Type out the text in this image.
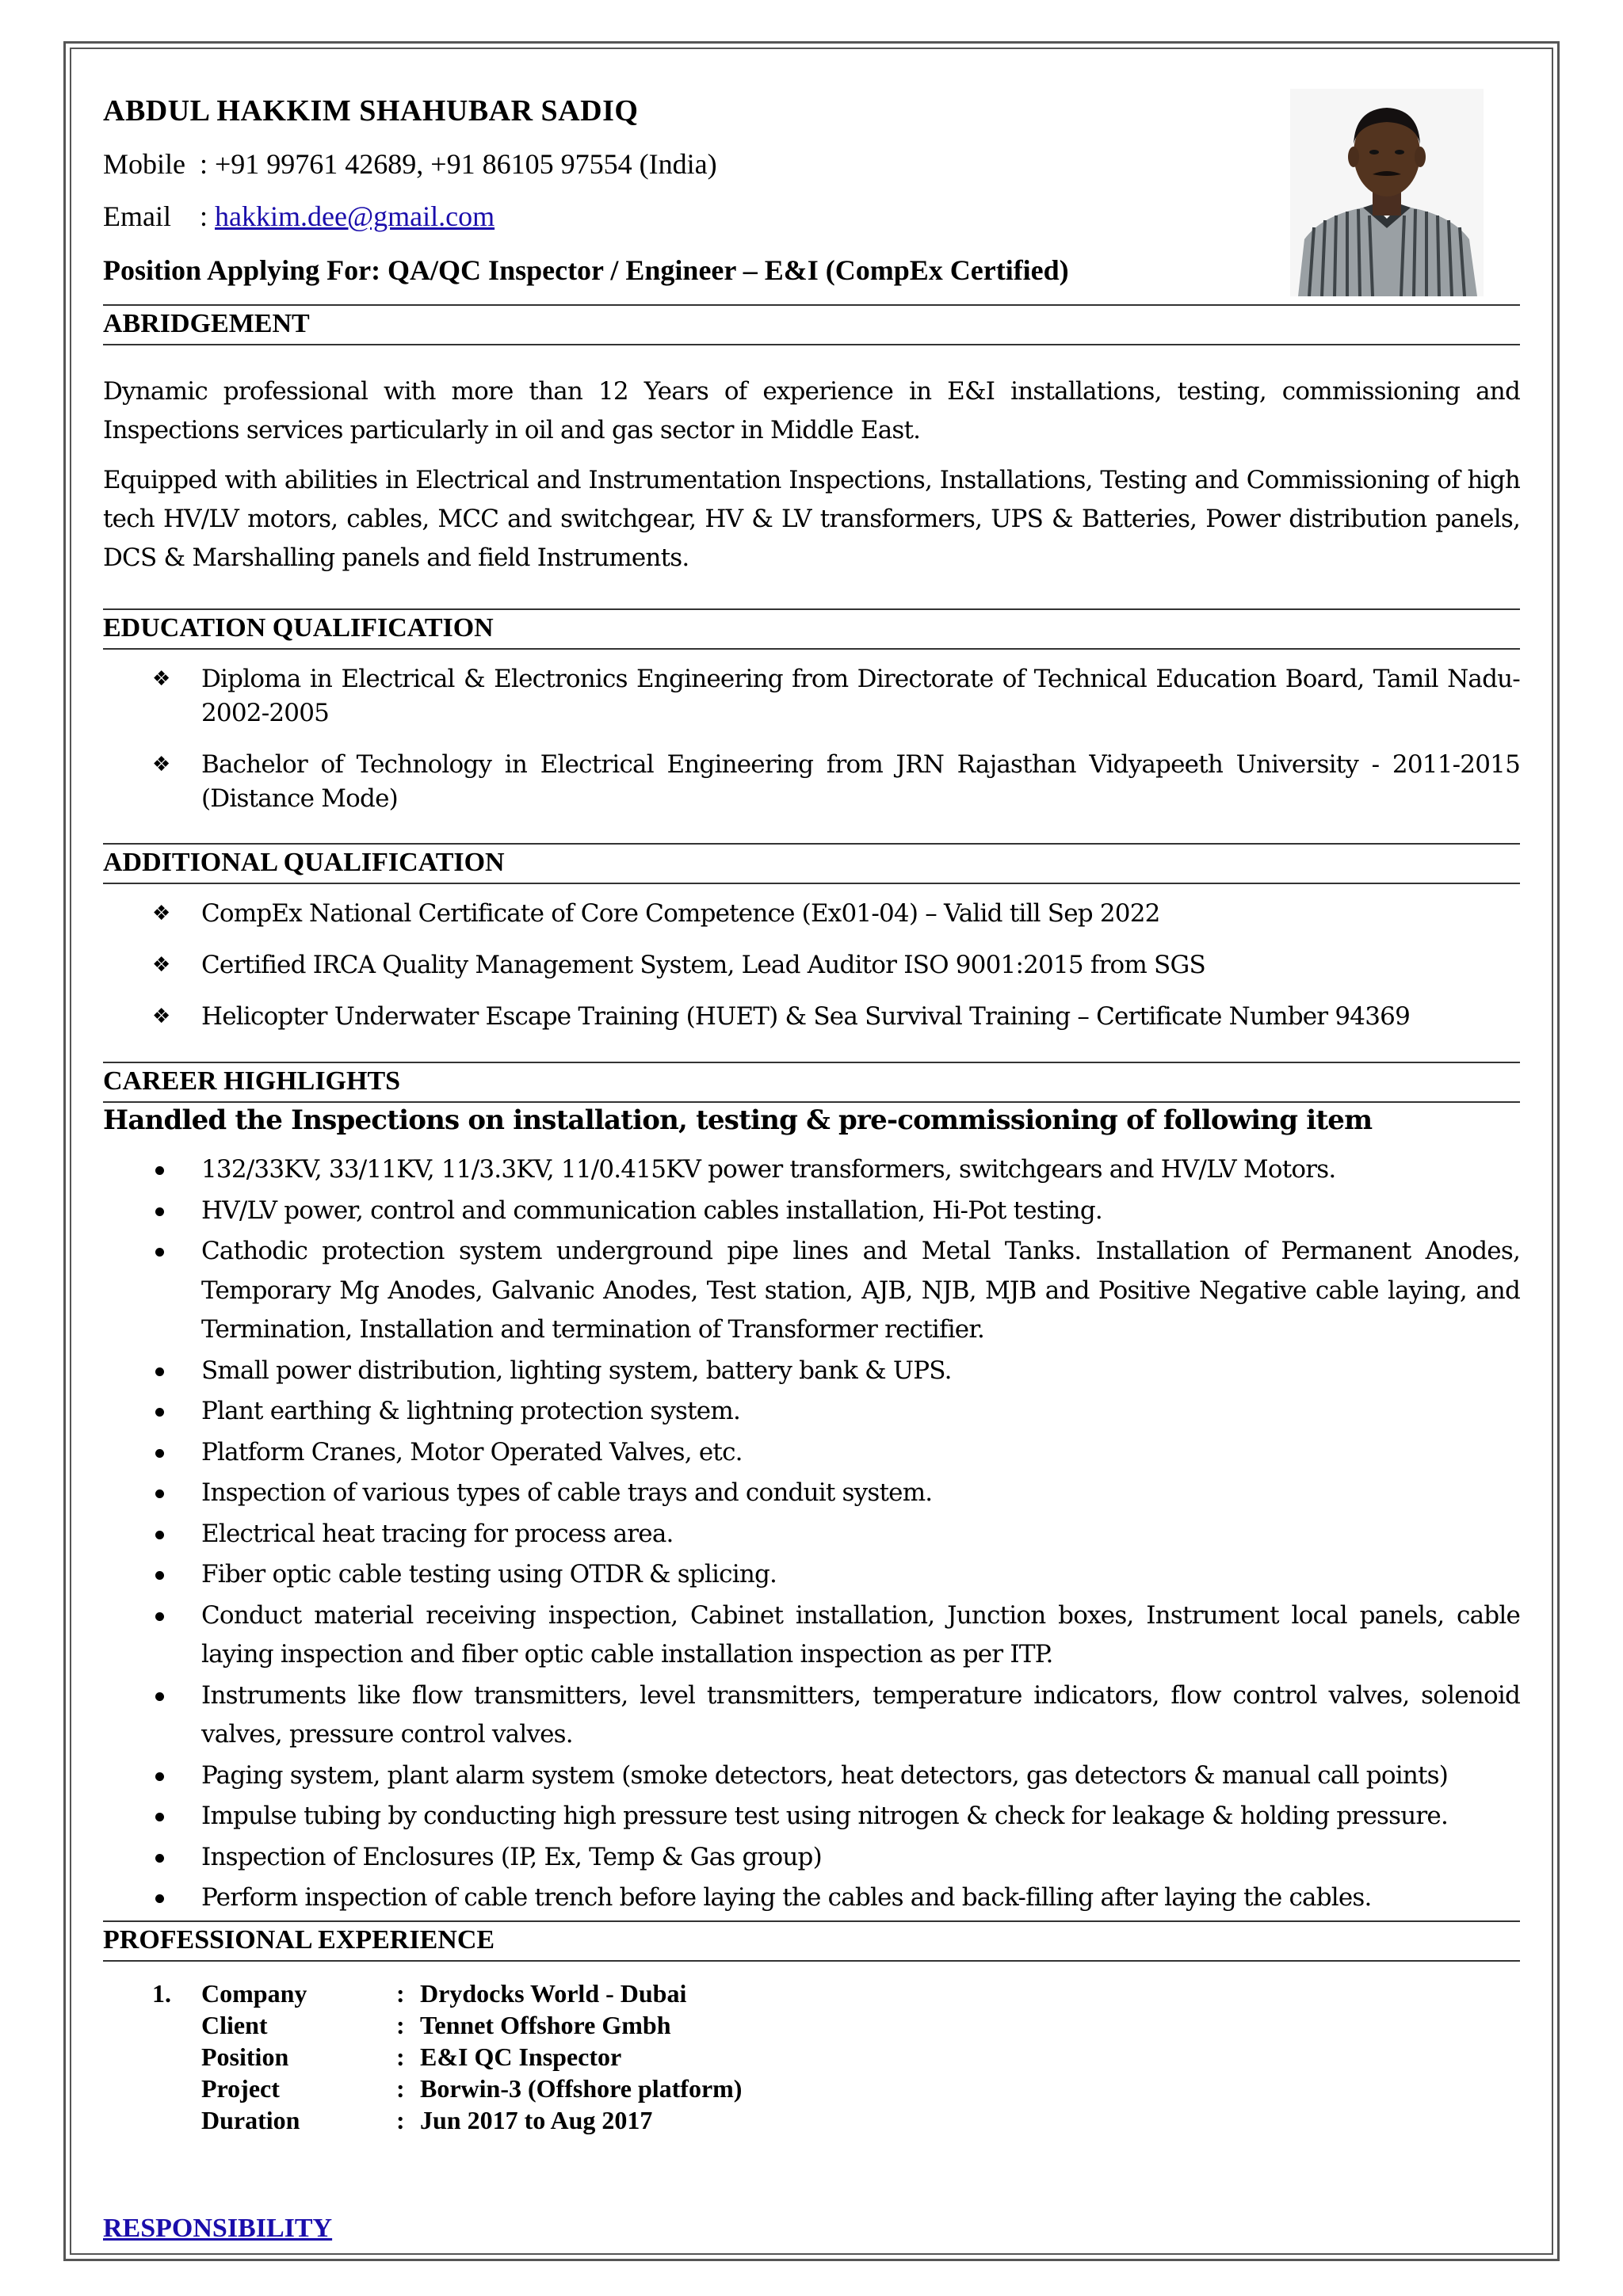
ABDUL HAKKIM SHAHUBAR SADIQ
Mobile : +91 99761 42689, +91 86105 97554 (India)
Email : hakkim.dee@gmail.com
Position Applying For: QA/QC Inspector / Engineer – E&I (CompEx Certified)
ABRIDGEMENT
Dynamic professional with more than 12 Years of experience in E&I installations, testing, commissioning and Inspections services particularly in oil and gas sector in Middle East.
Equipped with abilities in Electrical and Instrumentation Inspections, Installations, Testing and Commissioning of high tech HV/LV motors, cables, MCC and switchgear, HV & LV transformers, UPS & Batteries, Power distribution panels, DCS & Marshalling panels and field Instruments.
EDUCATION QUALIFICATION
❖ Diploma in Electrical & Electronics Engineering from Directorate of Technical Education Board, Tamil Nadu-2002-2005
❖ Bachelor of Technology in Electrical Engineering from JRN Rajasthan Vidyapeeth University - 2011-2015 (Distance Mode)
ADDITIONAL QUALIFICATION
❖ CompEx National Certificate of Core Competence (Ex01-04) – Valid till Sep 2022
❖ Certified IRCA Quality Management System, Lead Auditor ISO 9001:2015 from SGS
❖ Helicopter Underwater Escape Training (HUET) & Sea Survival Training – Certificate Number 94369
CAREER HIGHLIGHTS
Handled the Inspections on installation, testing & pre-commissioning of following item
132/33KV, 33/11KV, 11/3.3KV, 11/0.415KV power transformers, switchgears and HV/LV Motors.
HV/LV power, control and communication cables installation, Hi-Pot testing.
Cathodic protection system underground pipe lines and Metal Tanks. Installation of Permanent Anodes, Temporary Mg Anodes, Galvanic Anodes, Test station, AJB, NJB, MJB and Positive Negative cable laying, and Termination, Installation and termination of Transformer rectifier.
Small power distribution, lighting system, battery bank & UPS.
Plant earthing & lightning protection system.
Platform Cranes, Motor Operated Valves, etc.
Inspection of various types of cable trays and conduit system.
Electrical heat tracing for process area.
Fiber optic cable testing using OTDR & splicing.
Conduct material receiving inspection, Cabinet installation, Junction boxes, Instrument local panels, cable laying inspection and fiber optic cable installation inspection as per ITP.
Instruments like flow transmitters, level transmitters, temperature indicators, flow control valves, solenoid valves, pressure control valves.
Paging system, plant alarm system (smoke detectors, heat detectors, gas detectors & manual call points)
Impulse tubing by conducting high pressure test using nitrogen & check for leakage & holding pressure.
Inspection of Enclosures (IP, Ex, Temp & Gas group)
Perform inspection of cable trench before laying the cables and back-filling after laying the cables.
PROFESSIONAL EXPERIENCE
1. Company	: Drydocks World - Dubai
Client	: Tennet Offshore Gmbh
Position	: E&I QC Inspector
Project	: Borwin-3 (Offshore platform)
Duration	: Jun 2017 to Aug 2017
RESPONSIBILITY
